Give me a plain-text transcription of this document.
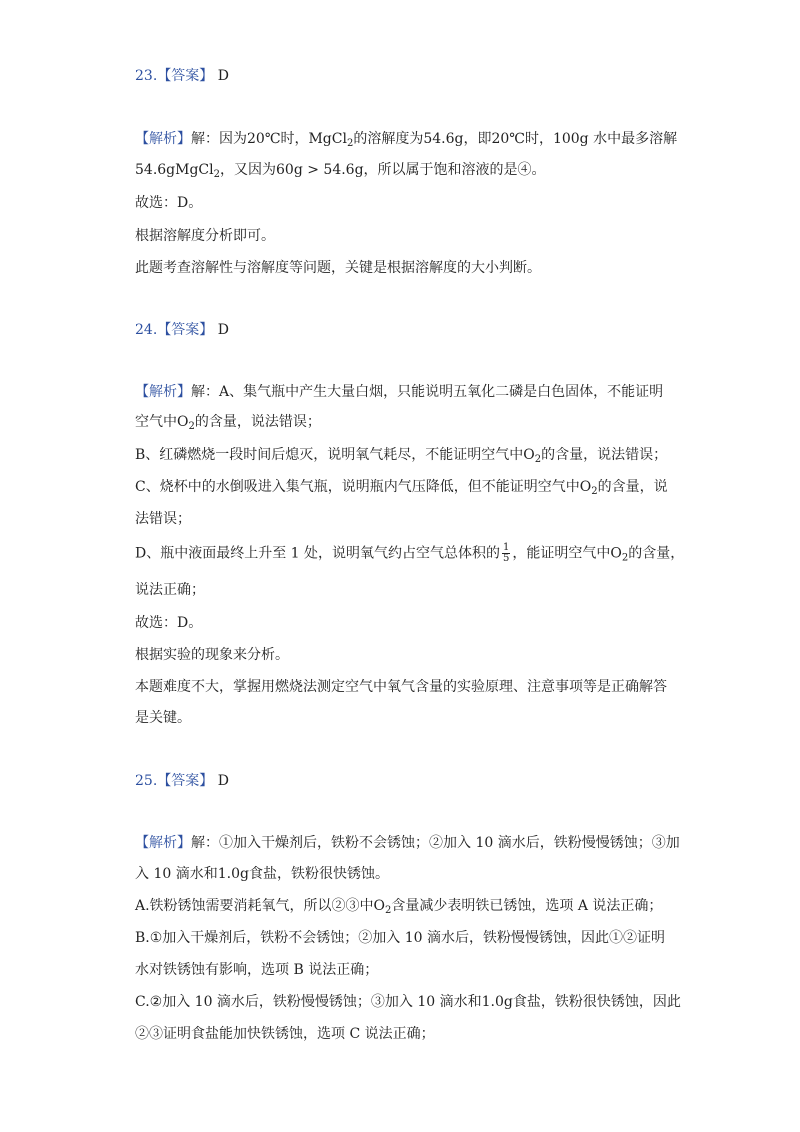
23.【答案】 D
【解析】解：因为20℃时，MgCl$_2$的溶解度为54.6g，即20℃时，100g 水中最多溶解
54.6gMgCl$_2$，又因为60g > 54.6g，所以属于饱和溶液的是④。
故选：D。
根据溶解度分析即可。
此题考查溶解性与溶解度等问题，关键是根据溶解度的大小判断。
24.【答案】 D
【解析】解：A、集气瓶中产生大量白烟，只能说明五氧化二磷是白色固体，不能证明
空气中$O_2$的含量，说法错误；
B、红磷燃烧一段时间后熄灭，说明氧气耗尽，不能证明空气中$O_2$的含量，说法错误；
C、烧杯中的水倒吸进入集气瓶，说明瓶内气压降低，但不能证明空气中$O_2$的含量，说
法错误；
D、瓶中液面最终上升至 1 处，说明氧气约占空气总体积的 $\frac{1}{5}$ ，能证明空气中$O_2$的含量，
说法正确；
故选：D。
根据实验的现象来分析。
本题难度不大，掌握用燃烧法测定空气中氧气含量的实验原理、注意事项等是正确解答
是关键。
25.【答案】 D
【解析】解：①加入干燥剂后，铁粉不会锈蚀；②加入 10 滴水后，铁粉慢慢锈蚀；③加
入 10 滴水和1.0g食盐，铁粉很快锈蚀。
A.铁粉锈蚀需要消耗氧气，所以②③中$O_2$含量减少表明铁已锈蚀，选项 A 说法正确；
B.①加入干燥剂后，铁粉不会锈蚀；②加入 10 滴水后，铁粉慢慢锈蚀，因此①②证明
水对铁锈蚀有影响，选项 B 说法正确；
C.②加入 10 滴水后，铁粉慢慢锈蚀；③加入 10 滴水和1.0g食盐，铁粉很快锈蚀，因此
②③证明食盐能加快铁锈蚀，选项 C 说法正确；
